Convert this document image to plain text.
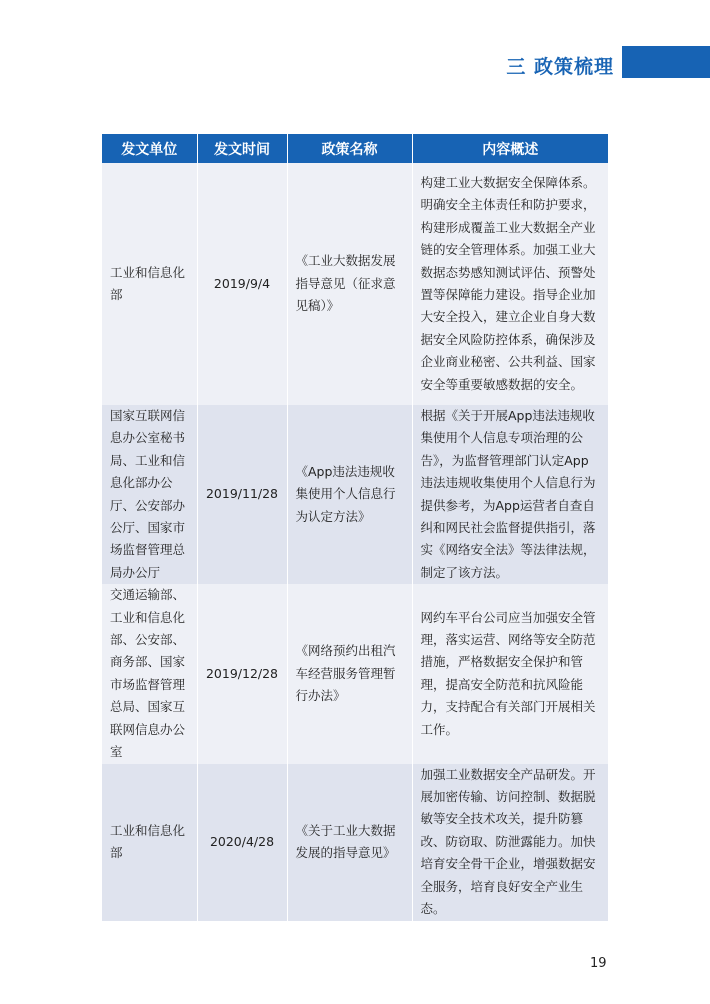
三 政策梳理
发文单位	发文时间	政策名称	内容概述
工业和信息化部	2019/9/4	《工业大数据发展指导意见（征求意见稿）》	构建工业大数据安全保障体系。明确安全主体责任和防护要求，构建形成覆盖工业大数据全产业链的安全管理体系。加强工业大数据态势感知测试评估、预警处置等保障能力建设。指导企业加大安全投入，建立企业自身大数据安全风险防控体系，确保涉及企业商业秘密、公共利益、国家安全等重要敏感数据的安全。
国家互联网信息办公室秘书局、工业和信息化部办公厅、公安部办公厅、国家市场监督管理总局办公厅	2019/11/28	《App违法违规收集使用个人信息行为认定方法》	根据《关于开展App违法违规收集使用个人信息专项治理的公告》，为监督管理部门认定App违法违规收集使用个人信息行为提供参考，为App运营者自查自纠和网民社会监督提供指引，落实《网络安全法》等法律法规，制定了该方法。
交通运输部、工业和信息化部、公安部、商务部、国家市场监督管理总局、国家互联网信息办公室	2019/12/28	《网络预约出租汽车经营服务管理暂行办法》	网约车平台公司应当加强安全管理，落实运营、网络等安全防范措施，严格数据安全保护和管理，提高安全防范和抗风险能力，支持配合有关部门开展相关工作。
工业和信息化部	2020/4/28	《关于工业大数据发展的指导意见》	加强工业数据安全产品研发。开展加密传输、访问控制、数据脱敏等安全技术攻关，提升防篡改、防窃取、防泄露能力。加快培育安全骨干企业，增强数据安全服务，培育良好安全产业生态。
19
